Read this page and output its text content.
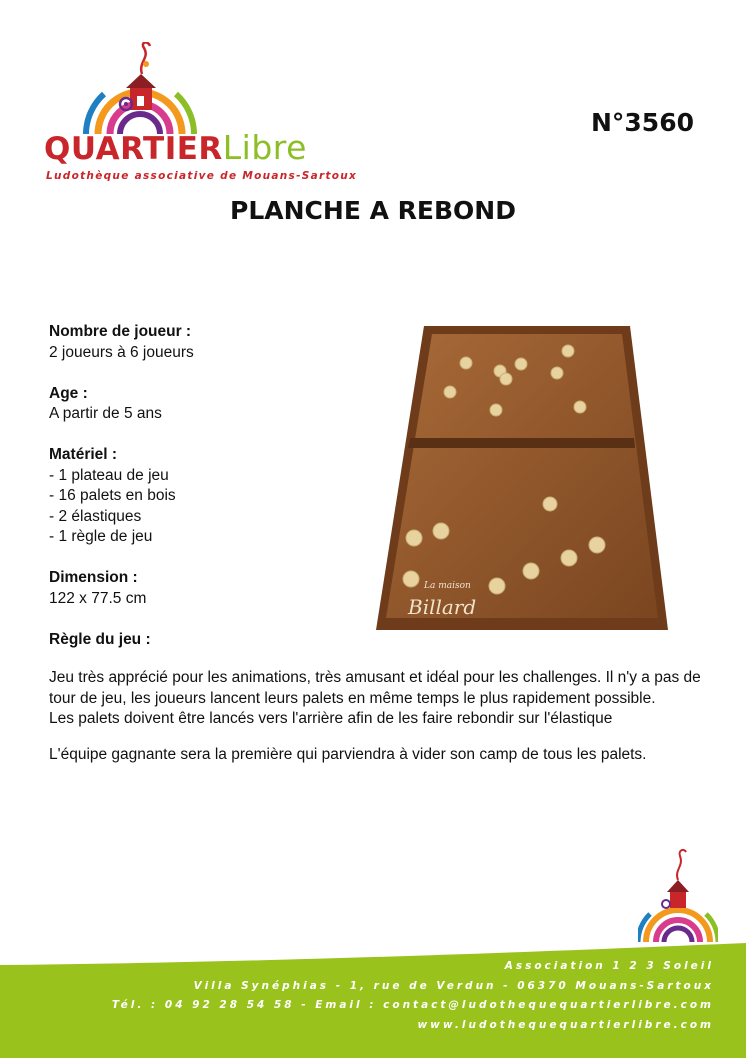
QUARTIERLibre
Ludothèque associative de Mouans-Sartoux
N°3560
PLANCHE A REBOND
Nombre de joueur :
2 joueurs à 6 joueurs
Age :
A partir de 5 ans
Matériel :
- 1 plateau de jeu
- 16 palets en bois
- 2 élastiques
- 1 règle de jeu
Dimension :
122 x 77.5 cm
Règle du jeu :
La maison
Billard

Jeu très apprécié pour les animations, très amusant et idéal pour les challenges. Il n'y a pas de tour de jeu, les joueurs lancent leurs palets en même temps le plus rapidement possible.
Les palets doivent être lancés vers l'arrière afin de les faire rebondir sur l'élastique

L'équipe gagnante sera la première qui parviendra à vider son camp de tous les palets.

Association 1 2 3 Soleil
Villa Synéphias - 1, rue de Verdun - 06370 Mouans-Sartoux
Tél. : 04 92 28 54 58 - Email : contact@ludothequequartierlibre.com
www.ludothequequartierlibre.com
